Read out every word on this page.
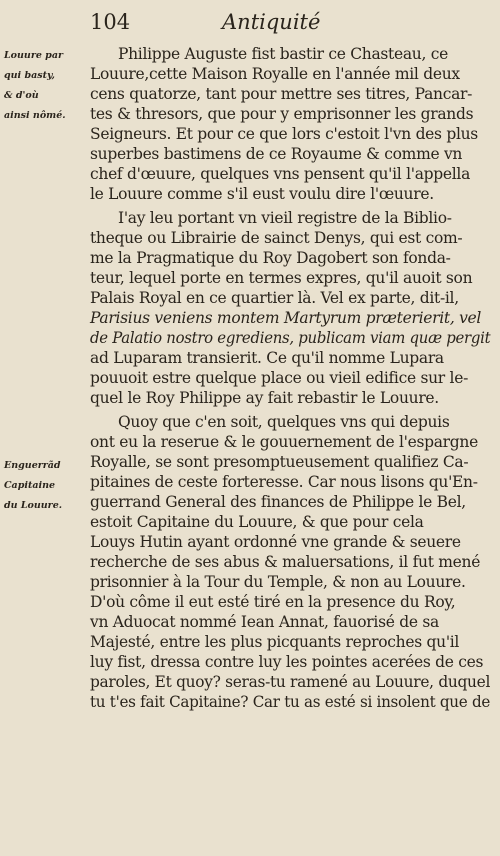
104	Antiquité
Louure par
qui basty,
& d'où
ainsi nômé.
Enguerrãd
Capitaine
du Louure.
Philippe Auguste fist bastir ce Chasteau, ce
Louure,cette Maison Royalle en l'année mil deux
cens quatorze, tant pour mettre ses titres, Pancar-
tes & thresors, que pour y emprisonner les grands
Seigneurs. Et pour ce que lors c'estoit l'vn des plus
superbes bastimens de ce Royaume & comme vn
chef d'œuure, quelques vns pensent qu'il l'appella
le Louure comme s'il eust voulu dire l'œuure.
I'ay leu portant vn vieil registre de la Biblio-
theque ou Librairie de sainct Denys, qui est com-
me la Pragmatique du Roy Dagobert son fonda-
teur, lequel porte en termes expres, qu'il auoit son
Palais Royal en ce quartier là. Vel ex parte, dit-il,
Parisius veniens montem Martyrum præterierit, vel
de Palatio nostro egrediens, publicam viam quæ pergit
ad Luparam transierit. Ce qu'il nomme Lupara
pouuoit estre quelque place ou vieil edifice sur le-
quel le Roy Philippe ay fait rebastir le Louure.
Quoy que c'en soit, quelques vns qui depuis
ont eu la reserue & le gouuernement de l'espargne
Royalle, se sont presomptueusement qualifiez Ca-
pitaines de ceste forteresse. Car nous lisons qu'En-
guerrand General des finances de Philippe le Bel,
estoit Capitaine du Louure, & que pour cela
Louys Hutin ayant ordonné vne grande & seuere
recherche de ses abus & maluersations, il fut mené
prisonnier à la Tour du Temple, & non au Louure.
D'où côme il eut esté tiré en la presence du Roy,
vn Aduocat nommé Iean Annat, fauorisé de sa
Majesté, entre les plus picquants reproches qu'il
luy fist, dressa contre luy les pointes acerées de ces
paroles, Et quoy? seras-tu ramené au Louure, duquel
tu t'es fait Capitaine? Car tu as esté si insolent que de
